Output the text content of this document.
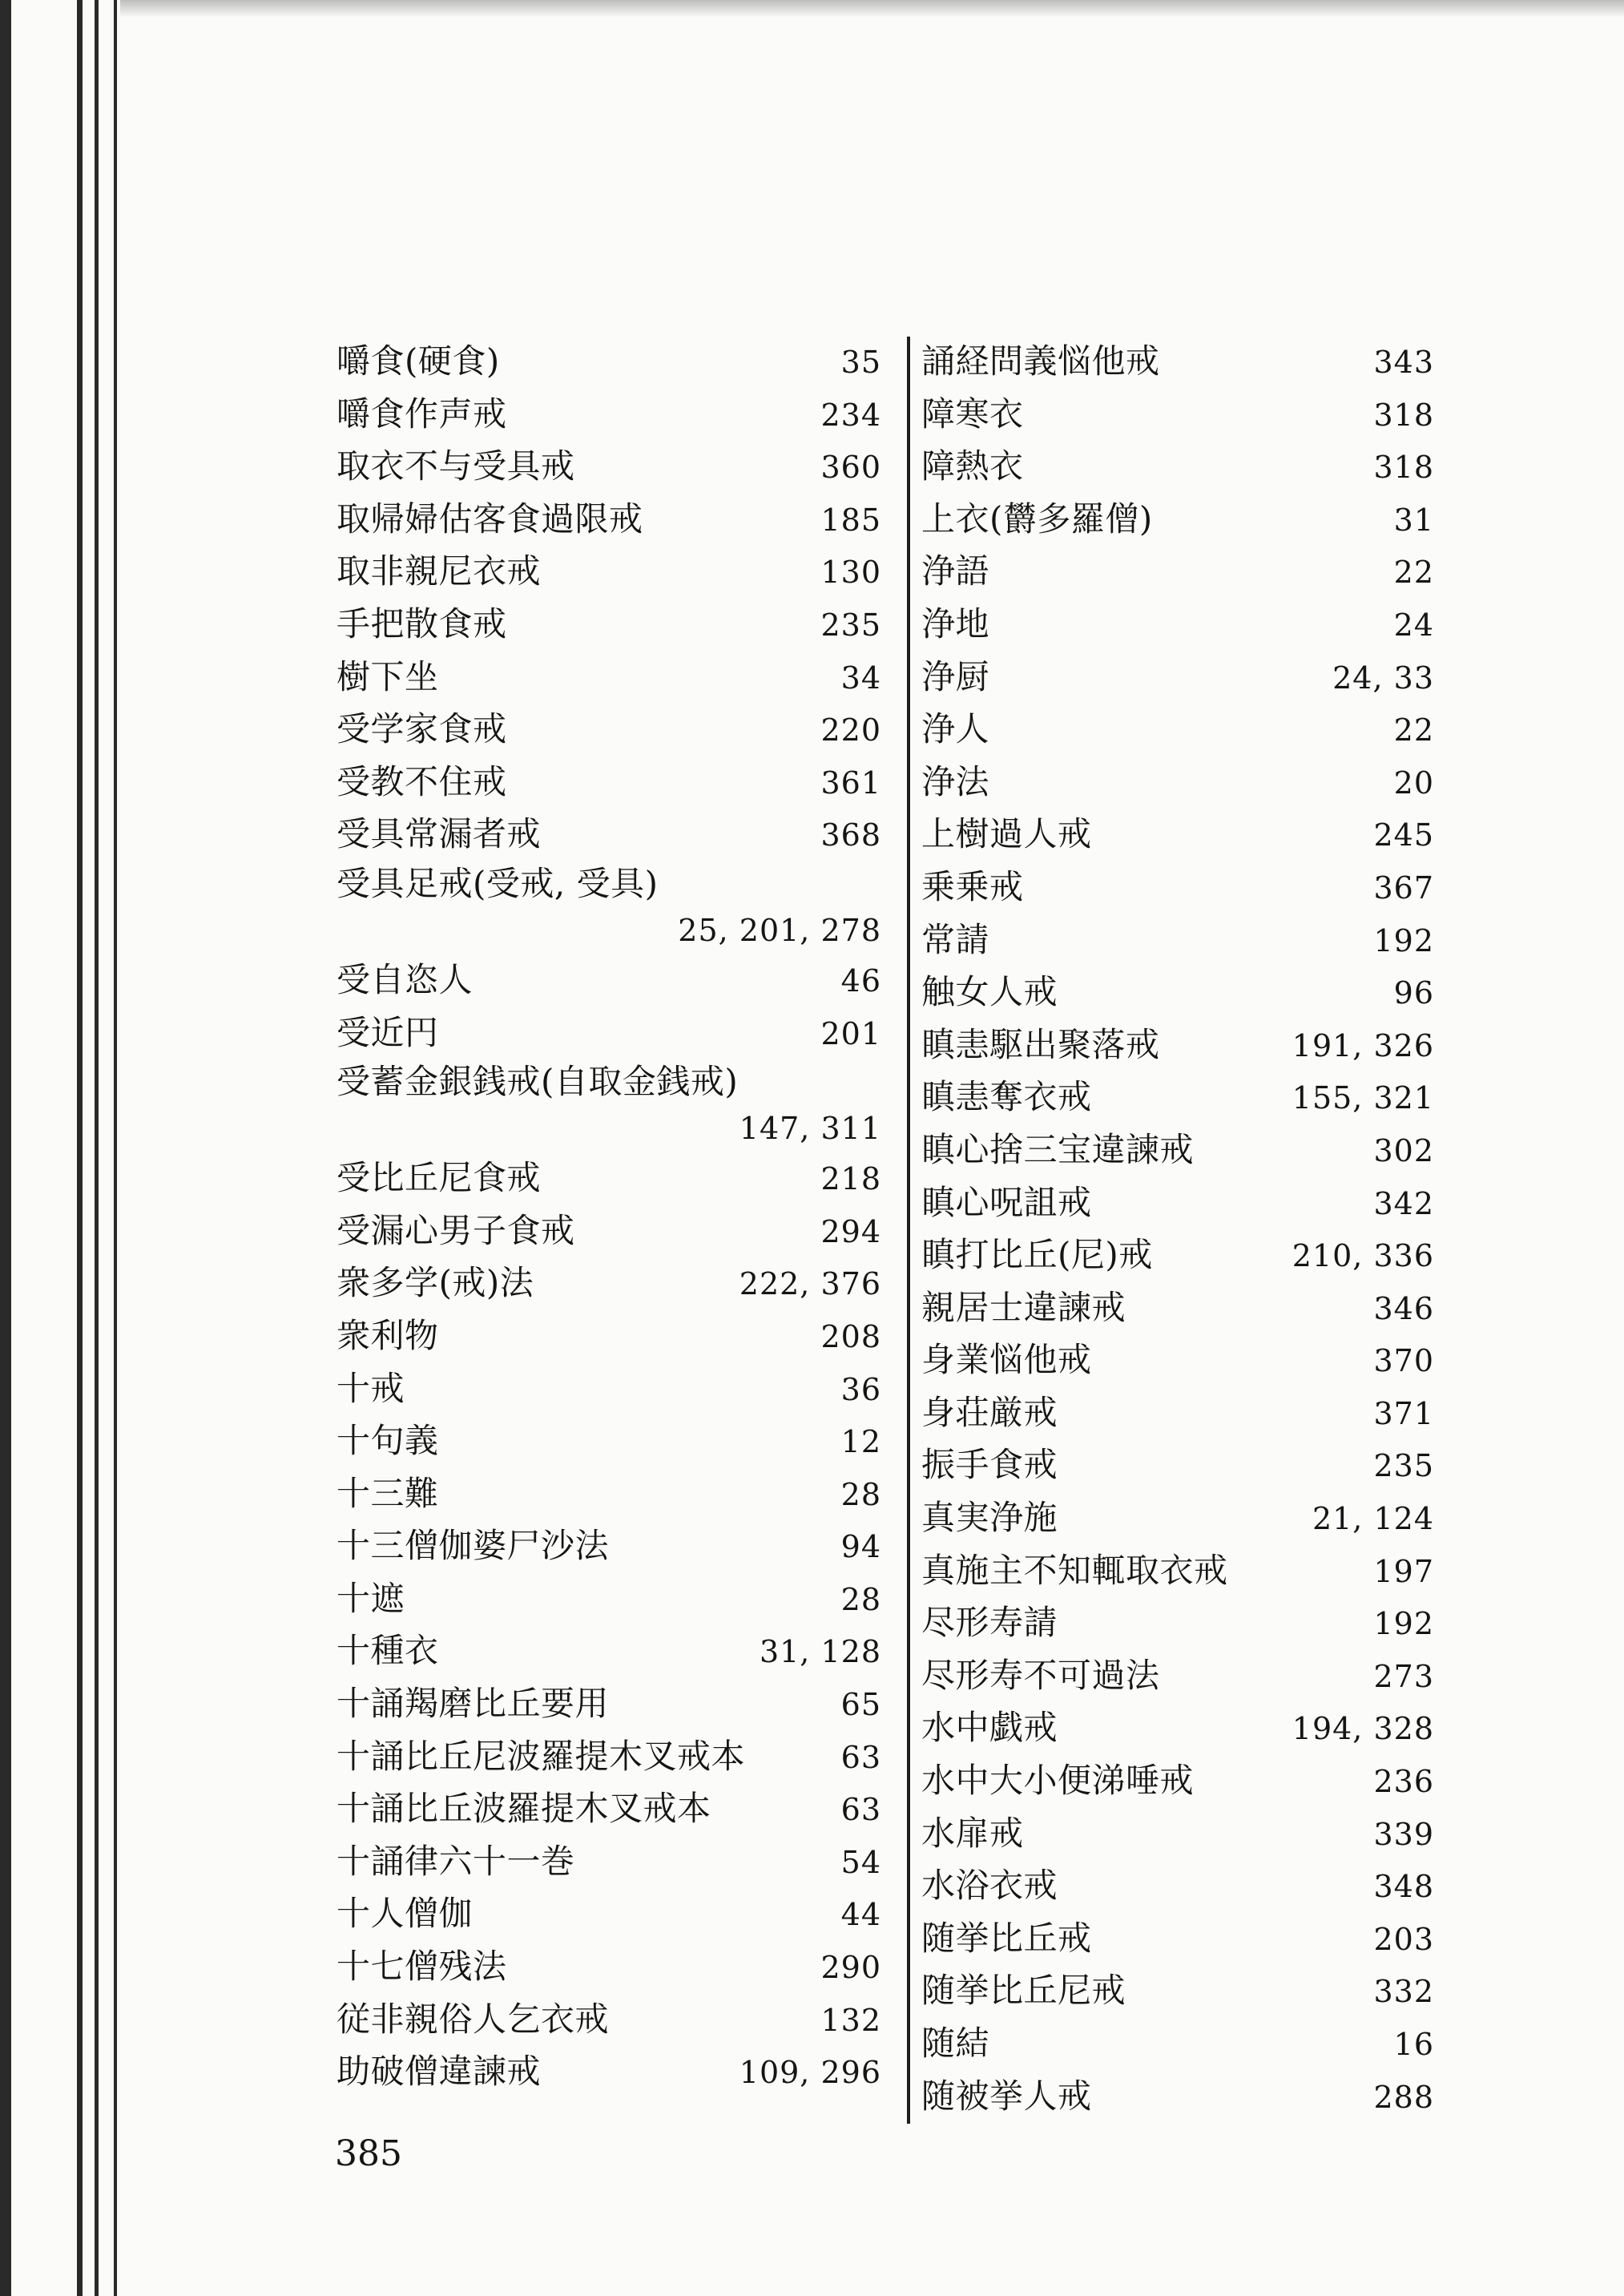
嚼食(硬食)	35
嚼食作声戒	234
取衣不与受具戒	360
取帰婦估客食過限戒	185
取非親尼衣戒	130
手把散食戒	235
樹下坐	34
受学家食戒	220
受教不住戒	361
受具常漏者戒	368
受具足戒(受戒, 受具)
25, 201, 278
受自恣人	46
受近円	201
受蓄金銀銭戒(自取金銭戒)
147, 311
受比丘尼食戒	218
受漏心男子食戒	294
衆多学(戒)法	222, 376
衆利物	208
十戒	36
十句義	12
十三難	28
十三僧伽婆尸沙法	94
十遮	28
十種衣	31, 128
十誦羯磨比丘要用	65
十誦比丘尼波羅提木叉戒本	63
十誦比丘波羅提木叉戒本	63
十誦律六十一巻	54
十人僧伽	44
十七僧残法	290
従非親俗人乞衣戒	132
助破僧違諫戒	109, 296
誦経問義悩他戒	343
障寒衣	318
障熱衣	318
上衣(欝多羅僧)	31
浄語	22
浄地	24
浄厨	24, 33
浄人	22
浄法	20
上樹過人戒	245
乗乗戒	367
常請	192
触女人戒	96
瞋恚駆出聚落戒	191, 326
瞋恚奪衣戒	155, 321
瞋心捨三宝違諫戒	302
瞋心呪詛戒	342
瞋打比丘(尼)戒	210, 336
親居士違諫戒	346
身業悩他戒	370
身荘厳戒	371
振手食戒	235
真実浄施	21, 124
真施主不知輒取衣戒	197
尽形寿請	192
尽形寿不可過法	273
水中戯戒	194, 328
水中大小便涕唾戒	236
水扉戒	339
水浴衣戒	348
随挙比丘戒	203
随挙比丘尼戒	332
随結	16
随被挙人戒	288
385
